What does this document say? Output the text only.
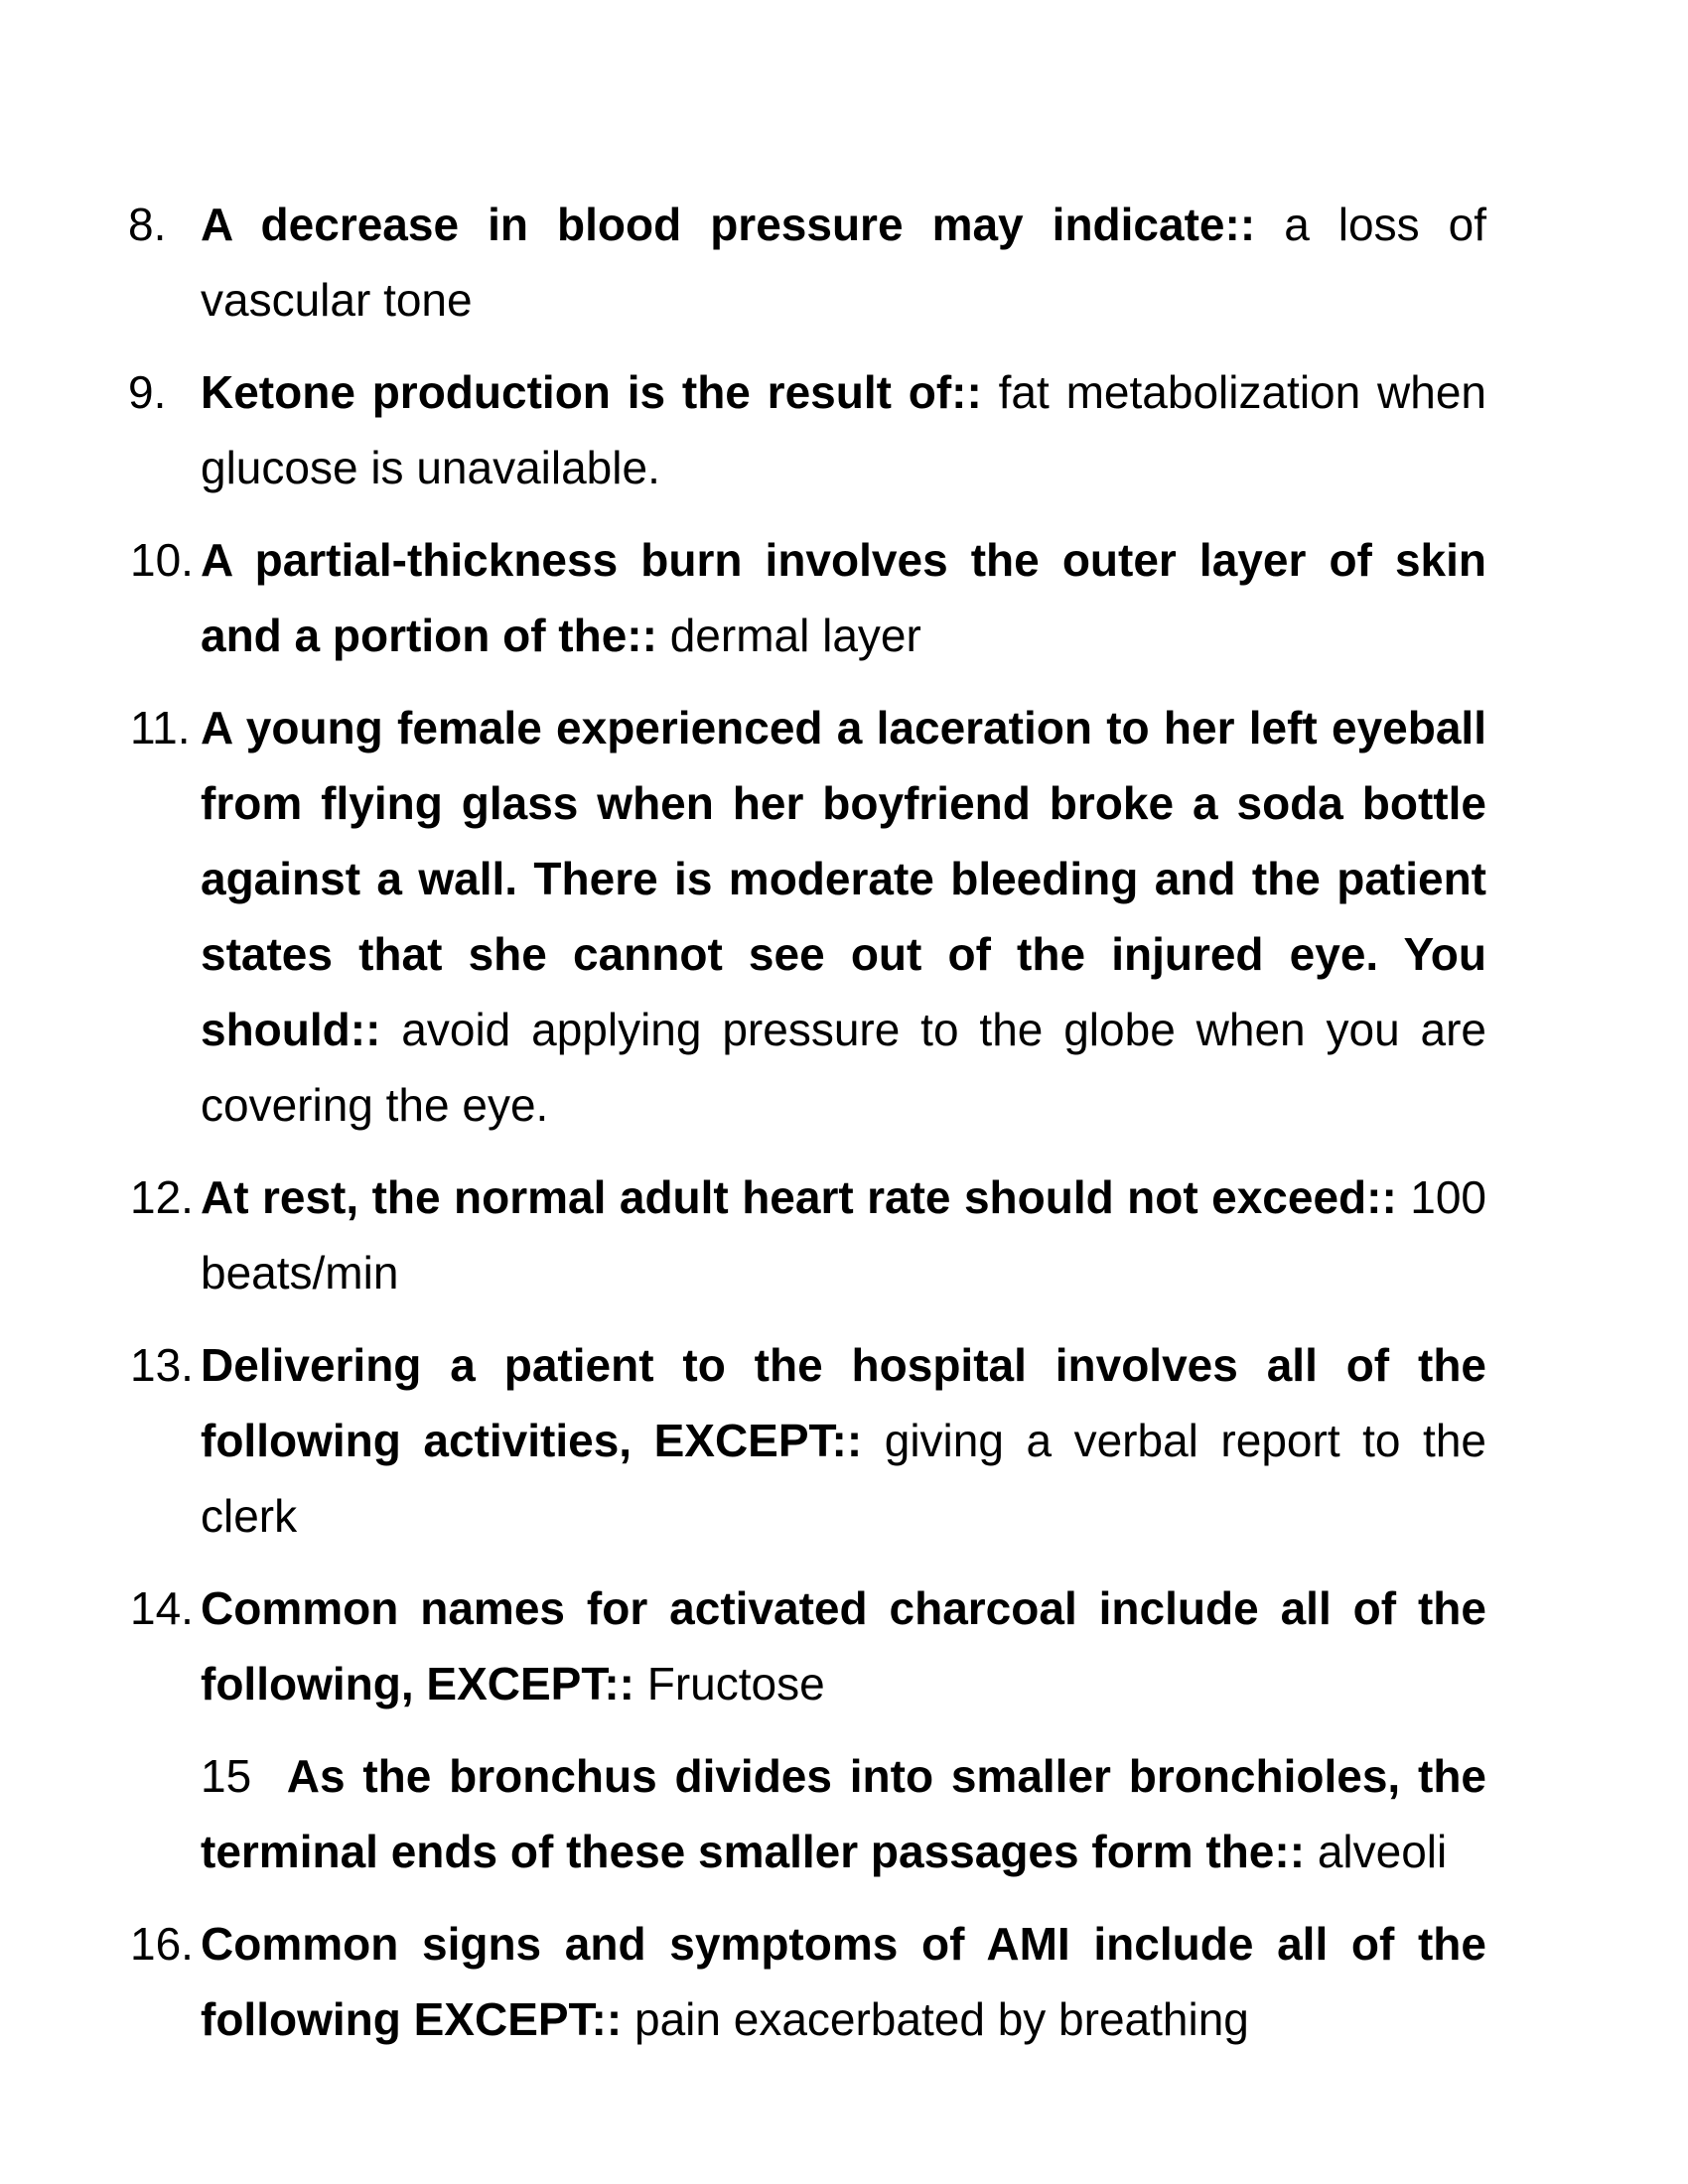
8. A decrease in blood pressure may indicate:: a loss of vascular tone
9. Ketone production is the result of:: fat metabolization when glucose is unavailable.
10. A partial-thickness burn involves the outer layer of skin and a portion of the:: dermal layer
11. A young female experienced a laceration to her left eyeball from flying glass when her boyfriend broke a soda bottle against a wall. There is moderate bleeding and the patient states that she cannot see out of the injured eye. You should:: avoid applying pressure to the globe when you are covering the eye.
12. At rest, the normal adult heart rate should not exceed:: 100 beats/min
13. Delivering a patient to the hospital involves all of the following activities, EXCEPT:: giving a verbal report to the clerk
14. Common names for activated charcoal include all of the following, EXCEPT:: Fructose
15 As the bronchus divides into smaller bronchioles, the terminal ends of these smaller passages form the:: alveoli
16. Common signs and symptoms of AMI include all of the following EXCEPT:: pain exacerbated by breathing
